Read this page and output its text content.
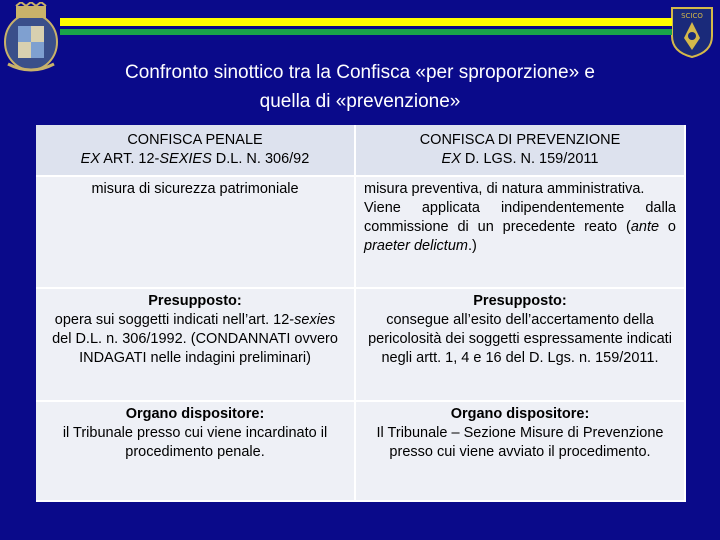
SCICO
Confronto sinottico tra la Confisca «per sproporzione» e
quella di «prevenzione»
CONFISCA PENALE
EX ART. 12-SEXIES D.L. N. 306/92
CONFISCA DI PREVENZIONE
EX D. LGS. N. 159/2011
misura di sicurezza patrimoniale	misura preventiva, di natura amministrativa.
Viene applicata indipendentemente dalla commissione di un precedente reato (ante o praeter delictum.)
Presupposto:
opera sui soggetti indicati nell’art. 12-sexies del D.L. n. 306/1992. (CONDANNATI ovvero INDAGATI nelle indagini preliminari)
Presupposto:
consegue all’esito dell’accertamento della pericolosità dei soggetti espressamente indicati negli artt. 1, 4 e 16 del D. Lgs. n. 159/2011.
Organo dispositore:
il Tribunale presso cui viene incardinato il procedimento penale.
Organo dispositore:
Il Tribunale – Sezione Misure di Prevenzione presso cui viene avviato il procedimento.
